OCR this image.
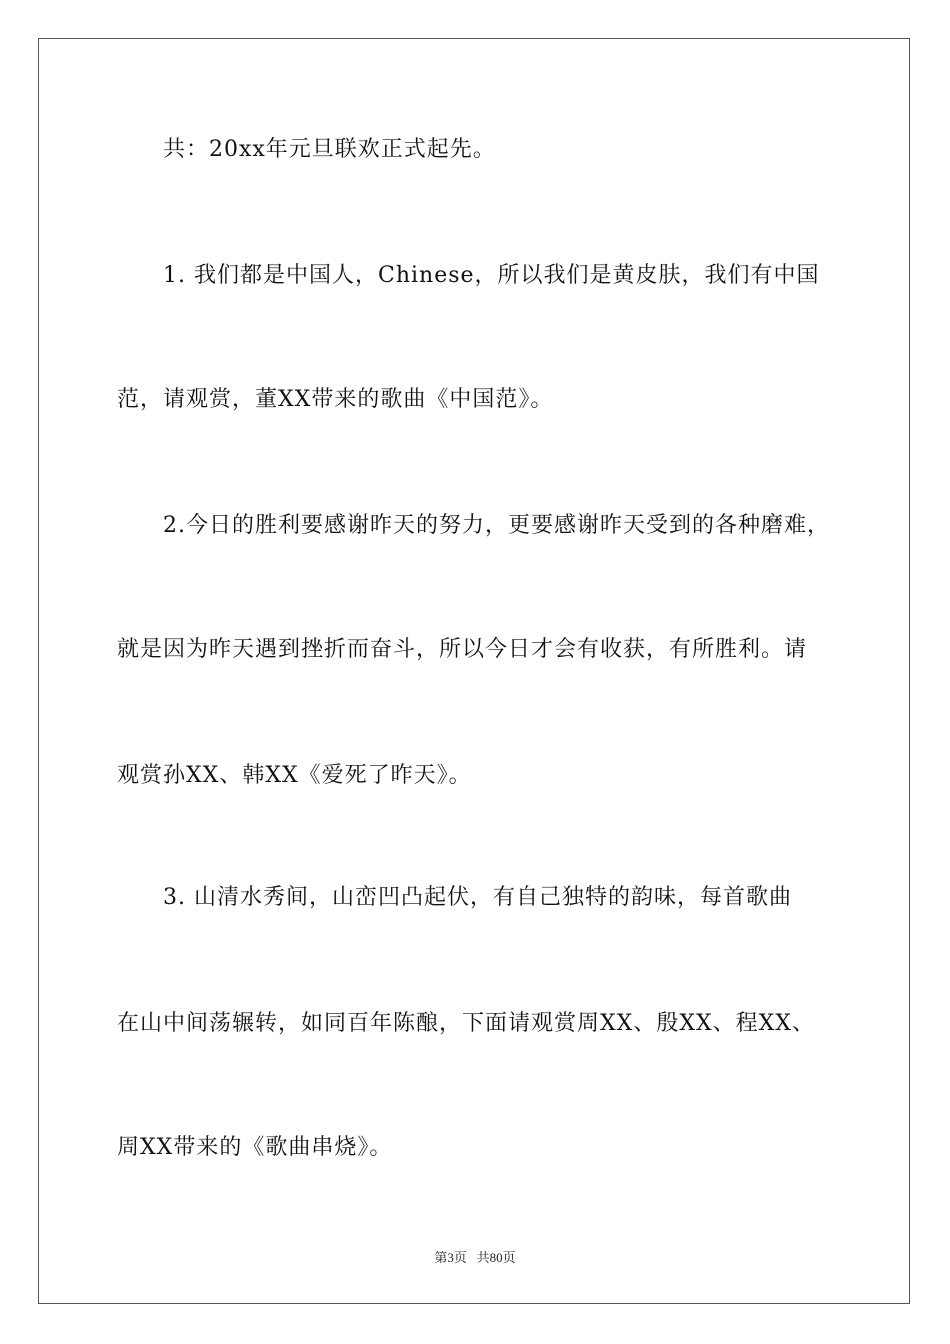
共：20xx年元旦联欢正式起先。
1. 我们都是中国人，Chinese，所以我们是黄皮肤，我们有中国
范，请观赏，董XX带来的歌曲《中国范》。
2.今日的胜利要感谢昨天的努力，更要感谢昨天受到的各种磨难，
就是因为昨天遇到挫折而奋斗，所以今日才会有收获，有所胜利。请
观赏孙XX、韩XX《爱死了昨天》。
3. 山清水秀间，山峦凹凸起伏，有自己独特的韵味，每首歌曲
在山中间荡辗转，如同百年陈酿，下面请观赏周XX、殷XX、程XX、
周XX带来的《歌曲串烧》。
第3页   共80页
